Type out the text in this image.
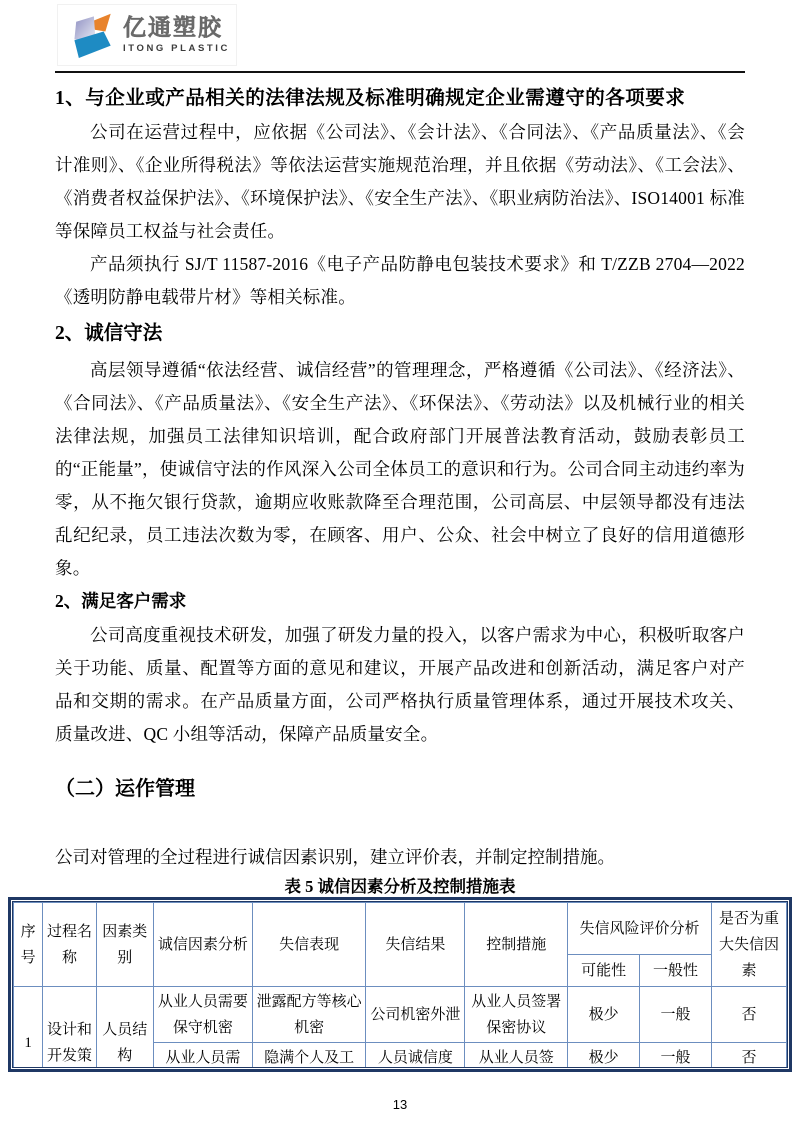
亿通塑胶
ITONG PLASTIC
1、与企业或产品相关的法律法规及标准明确规定企业需遵守的各项要求

公司在运营过程中，应依据《公司法》、《会计法》、《合同法》、《产品质量法》、《会计准则》、《企业所得税法》等依法运营实施规范治理，并且依据《劳动法》、《工会法》、《消费者权益保护法》、《环境保护法》、《安全生产法》、《职业病防治法》、ISO14001 标准等保障员工权益与社会责任。

产品须执行 SJ/T 11587-2016《电子产品防静电包装技术要求》和 T/ZZB 2704—2022《透明防静电载带片材》等相关标准。

2、诚信守法

高层领导遵循“依法经营、诚信经营”的管理理念，严格遵循《公司法》、《经济法》、《合同法》、《产品质量法》、《安全生产法》、《环保法》、《劳动法》以及机械行业的相关法律法规，加强员工法律知识培训，配合政府部门开展普法教育活动，鼓励表彰员工的“正能量”，使诚信守法的作风深入公司全体员工的意识和行为。公司合同主动违约率为零，从不拖欠银行贷款，逾期应收账款降至合理范围，公司高层、中层领导都没有违法乱纪纪录，员工违法次数为零，在顾客、用户、公众、社会中树立了良好的信用道德形象。

2、满足客户需求

公司高度重视技术研发，加强了研发力量的投入，以客户需求为中心，积极听取客户关于功能、质量、配置等方面的意见和建议，开展产品改进和创新活动，满足客户对产品和交期的需求。在产品质量方面，公司严格执行质量管理体系，通过开展技术攻关、质量改进、QC 小组等活动，保障产品质量安全。

（二）运作管理

公司对管理的全过程进行诚信因素识别，建立评价表，并制定控制措施。

表 5 诚信因素分析及控制措施表
序号	过程名称	因素类别	诚信因素分析	失信表现	失信结果	控制措施	失信风险评价分析		是否为重大失信因素
							可能性	一般性	
1	设计和开发策	人员结构	从业人员需要保守机密	泄露配方等核心机密	公司机密外泄	从业人员签署保密协议	极少	一般	否
			从业人员需	隐满个人及工	人员诚信度	从业人员签	极少	一般	否
13
